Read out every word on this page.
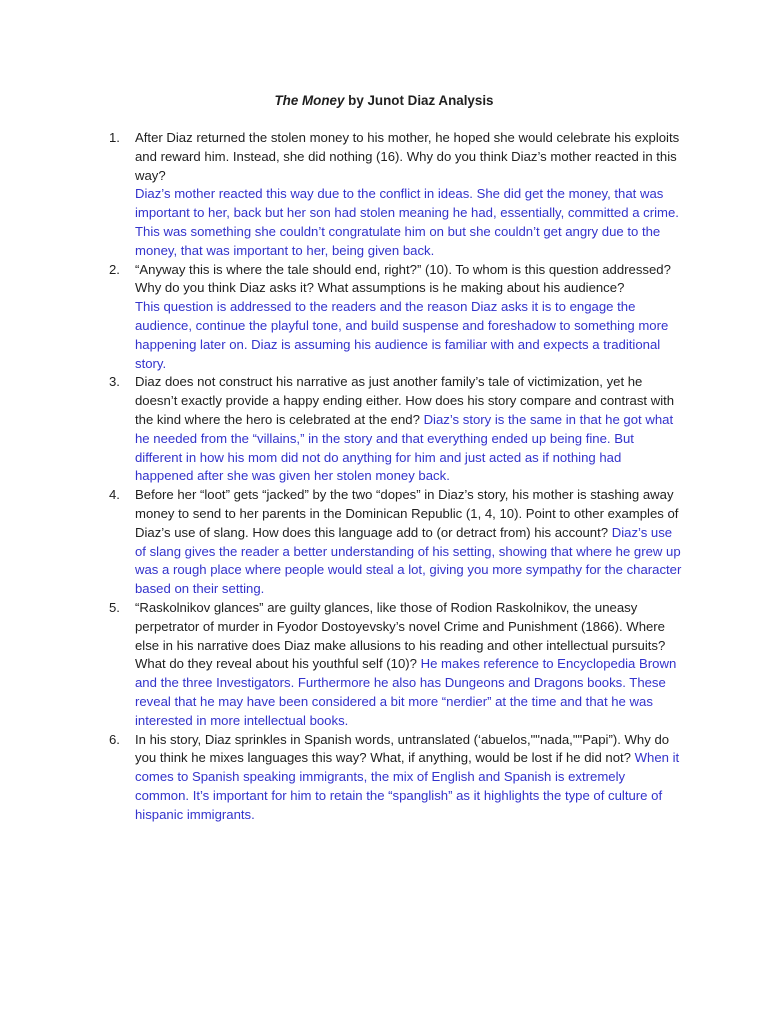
The Money by Junot Diaz Analysis
1. After Diaz returned the stolen money to his mother, he hoped she would celebrate his exploits and reward him. Instead, she did nothing (16). Why do you think Diaz’s mother reacted in this way?
Diaz’s mother reacted this way due to the conflict in ideas. She did get the money, that was important to her, back but her son had stolen meaning he had, essentially, committed a crime. This was something she couldn’t congratulate him on but she couldn’t get angry due to the money, that was important to her, being given back.
2. “Anyway this is where the tale should end, right?” (10). To whom is this question addressed? Why do you think Diaz asks it? What assumptions is he making about his audience?
This question is addressed to the readers and the reason Diaz asks it is to engage the audience, continue the playful tone, and build suspense and foreshadow to something more happening later on. Diaz is assuming his audience is familiar with and expects a traditional story.
3. Diaz does not construct his narrative as just another family’s tale of victimization, yet he doesn’t exactly provide a happy ending either. How does his story compare and contrast with the kind where the hero is celebrated at the end? Diaz’s story is the same in that he got what he needed from the “villains,” in the story and that everything ended up being fine. But different in how his mom did not do anything for him and just acted as if nothing had happened after she was given her stolen money back.
4. Before her “loot” gets “jacked” by the two “dopes” in Diaz’s story, his mother is stashing away money to send to her parents in the Dominican Republic (1, 4, 10). Point to other examples of Diaz’s use of slang. How does this language add to (or detract from) his account? Diaz’s use of slang gives the reader a better understanding of his setting, showing that where he grew up was a rough place where people would steal a lot, giving you more sympathy for the character based on their setting.
5. “Raskolnikov glances” are guilty glances, like those of Rodion Raskolnikov, the uneasy perpetrator of murder in Fyodor Dostoyevsky’s novel Crime and Punishment (1866). Where else in his narrative does Diaz make allusions to his reading and other intellectual pursuits? What do they reveal about his youthful self (10)? He makes reference to Encyclopedia Brown and the three Investigators. Furthermore he also has Dungeons and Dragons books. These reveal that he may have been considered a bit more “nerdier” at the time and that he was interested in more intellectual books.
6. In his story, Diaz sprinkles in Spanish words, untranslated (‘abuelos,""nada,""Papi”). Why do you think he mixes languages this way? What, if anything, would be lost if he did not? When it comes to Spanish speaking immigrants, the mix of English and Spanish is extremely common. It’s important for him to retain the “spanglish” as it highlights the type of culture of hispanic immigrants.
